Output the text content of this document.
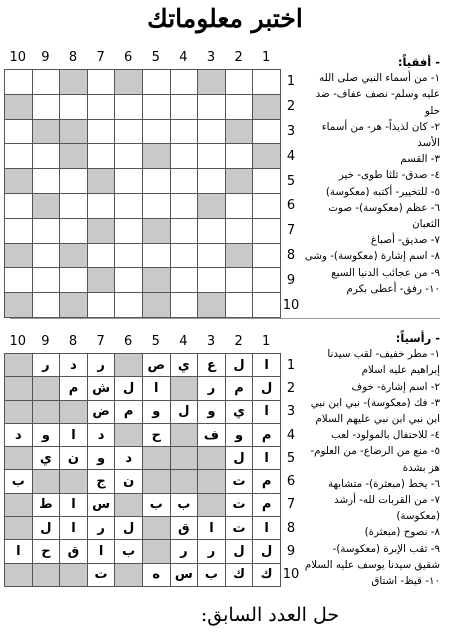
اختبر معلوماتك
10	9	8	7	6	5	4	3	2	1
1
2
3
4
5
6
7
8
9
10

- أفقياً:
١- من أسماء النبي صلى الله
عليه وسلم- نصف عفاف- ضد
حلو
٢- كان لذيذاً- هر- من أسماء
الأسد
٣- القسم
٤- صدق- ثلثا طوى- خير
٥- للتخيير- أكتبه (معكوسة)
٦- عظم (معكوسة)- صوت
الثعبان
٧- صديق- أصباغ
٨- اسم إشارة (معكوسة)- وشى
٩- من عجائب الدنيا السبع
١٠- رفق- أعطى بكرم
10	9	8	7	6	5	4	3	2	1
1
2
3
4
5
6
7
8
9
10
	ر	د	ر		ص	ي	ع	ل	ا
		م	ش	ل	ا		ر	م	ل
			ض	م	و	ل	و	ي	ا
د	و	ا	د		ح		ف	و	م
	ي	ن	و	د				ل	ا
ب			ج	ن				ت	م
	ط	ا	س		ب	ب		ت	م
	ل	ا	ر	ل		ق	ا	ت	ا
ا	ح	ق	ا	ب		ر	ر	ل	ل
			ت		ه	س	ب	ك	ك
- رأسياً:
١- مطر خفيف- لقب سيدنا
إبراهيم عليه اسلام
٢- اسم إشارة- خوف
٣- فك (معكوسة)- نبي ابن نبي
ابن نبي ابن نبي عليهم السلام
٤- للاحتفال بالمولود- لعب
٥- منع من الرضاع- من العلوم-
هز بشدة
٦- يخط (مبعثرة)- متشابهة
٧- من القربات لله- أرشد
(معكوسة)
٨- نصوح (مبعثرة)
٩- ثقب الإبرة (معكوسة)-
شقيق سيدنا يوسف عليه السلام
١٠- قيظ- اشتاق
حل العدد السابق:
